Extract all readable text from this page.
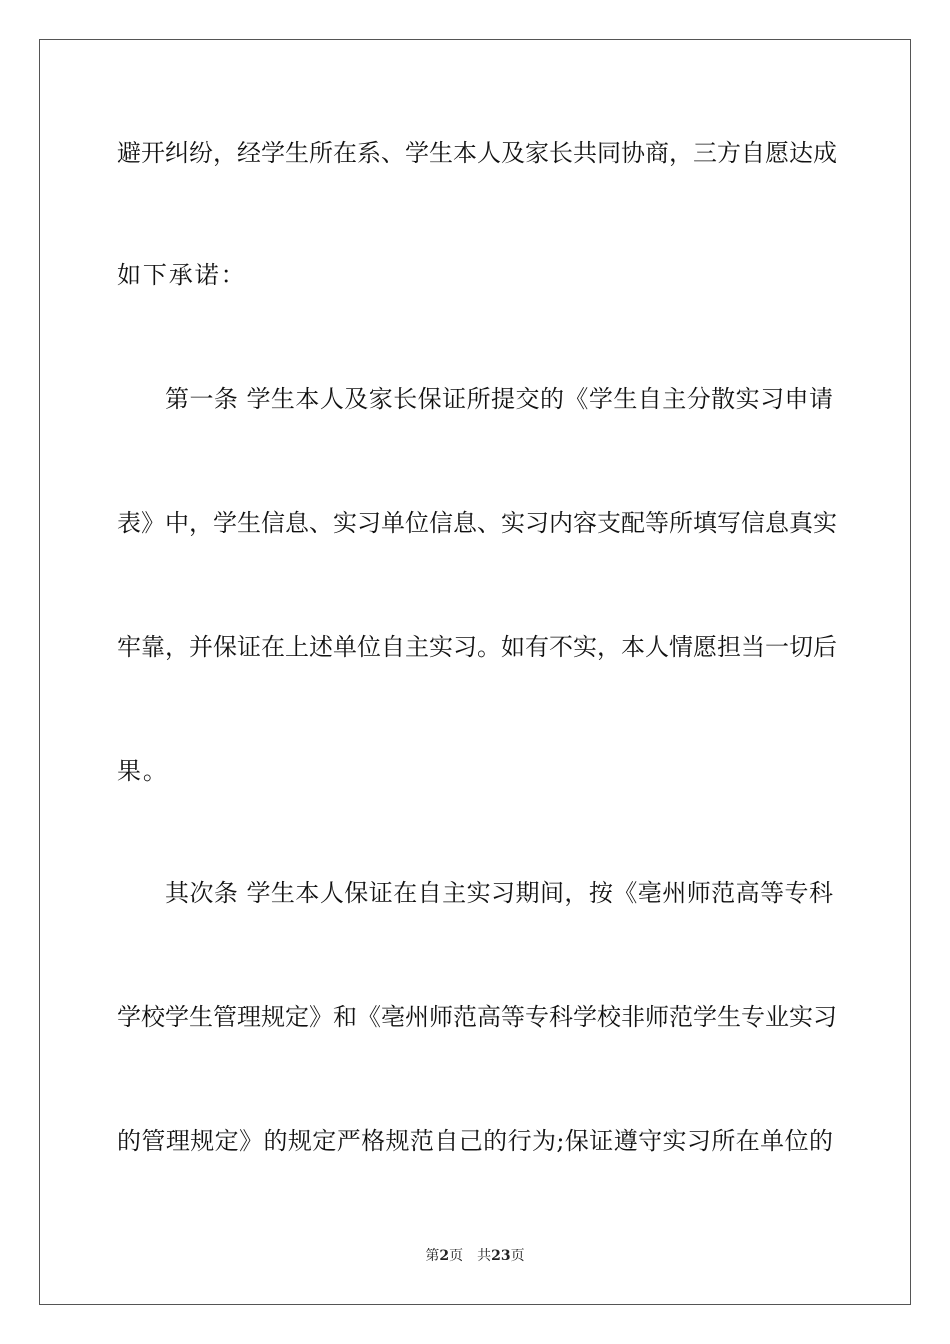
避开纠纷，经学生所在系、学生本人及家长共同协商，三方自愿达成
如下承诺：
第一条 学生本人及家长保证所提交的《学生自主分散实习申请
表》中，学生信息、实习单位信息、实习内容支配等所填写信息真实
牢靠，并保证在上述单位自主实习。如有不实，本人情愿担当一切后
果。
其次条 学生本人保证在自主实习期间，按《亳州师范高等专科
学校学生管理规定》和《亳州师范高等专科学校非师范学生专业实习
的管理规定》的规定严格规范自己的行为;保证遵守实习所在单位的
第2页 共23页
